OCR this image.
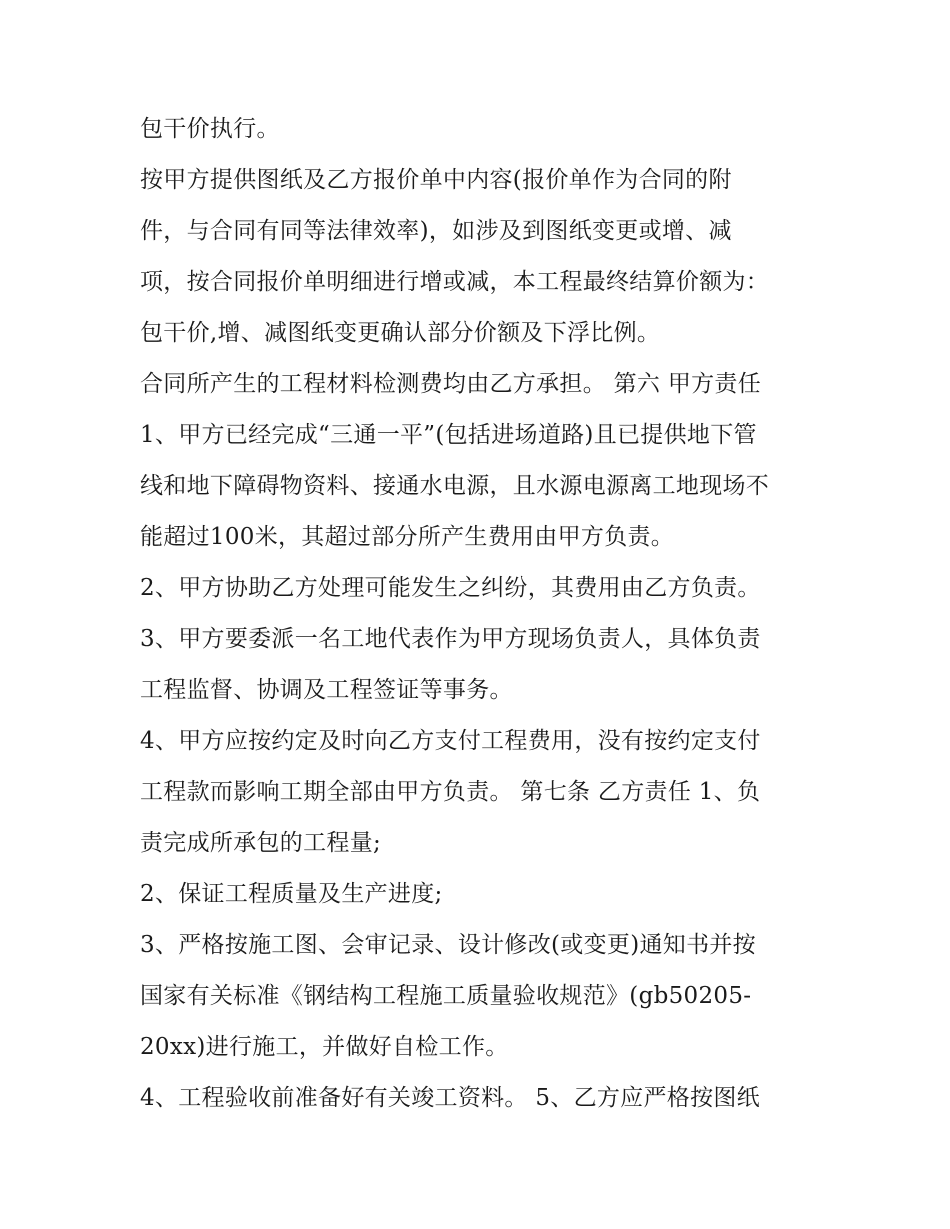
包干价执行。
按甲方提供图纸及乙方报价单中内容(报价单作为合同的附
件，与合同有同等法律效率)，如涉及到图纸变更或增、减
项，按合同报价单明细进行增或减，本工程最终结算价额为：
包干价,增、减图纸变更确认部分价额及下浮比例。
合同所产生的工程材料检测费均由乙方承担。 第六 甲方责任
1、甲方已经完成“三通一平”(包括进场道路)且已提供地下管
线和地下障碍物资料、接通水电源，且水源电源离工地现场不
能超过100米，其超过部分所产生费用由甲方负责。
2、甲方协助乙方处理可能发生之纠纷，其费用由乙方负责。
3、甲方要委派一名工地代表作为甲方现场负责人，具体负责
工程监督、协调及工程签证等事务。
4、甲方应按约定及时向乙方支付工程费用，没有按约定支付
工程款而影响工期全部由甲方负责。 第七条 乙方责任 1、负
责完成所承包的工程量;
2、保证工程质量及生产进度;
3、严格按施工图、会审记录、设计修改(或变更)通知书并按
国家有关标准《钢结构工程施工质量验收规范》(gb50205-
20xx)进行施工，并做好自检工作。
4、工程验收前准备好有关竣工资料。 5、乙方应严格按图纸
